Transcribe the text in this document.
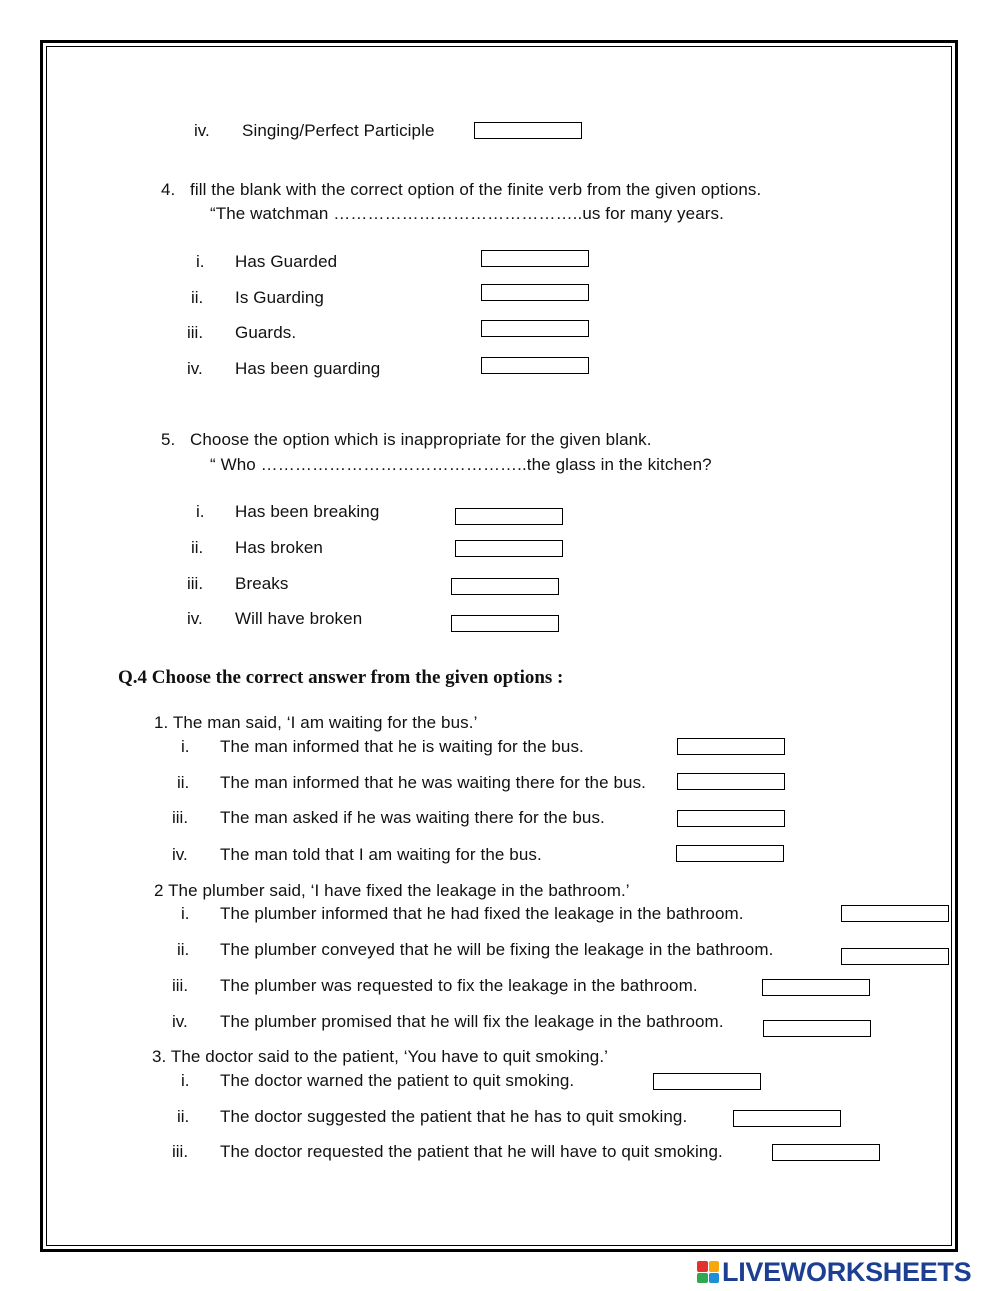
iv. Singing/Perfect Participle
4. fill the blank with the correct option of the finite verb from the given options.
“The watchman ……………………………………..us for many years.
i. Has Guarded
ii. Is Guarding
iii. Guards.
iv. Has been guarding
5. Choose the option which is inappropriate for the given blank.
“ Who ………………………………………..the glass in the kitchen?
i. Has been breaking
ii. Has broken
iii. Breaks
iv. Will have broken
Q.4 Choose the correct answer from the given options :
1. The man said, ‘I am waiting for the bus.’
i. The man informed that he is waiting for the bus.
ii. The man informed that he was waiting there for the bus.
iii. The man asked if he was waiting there for the bus.
iv. The man told that I am waiting for the bus.
2 The plumber said, ‘I have fixed the leakage in the bathroom.’
i. The plumber informed that he had fixed the leakage in the bathroom.
ii. The plumber conveyed that he will be fixing the leakage in the bathroom.
iii. The plumber was requested to fix the leakage in the bathroom.
iv. The plumber promised that he will fix the leakage in the bathroom.
3. The doctor said to the patient, ‘You have to quit smoking.’
i. The doctor warned the patient to quit smoking.
ii. The doctor suggested the patient that he has to quit smoking.
iii. The doctor requested the patient that he will have to quit smoking.
LIVEWORKSHEETS
